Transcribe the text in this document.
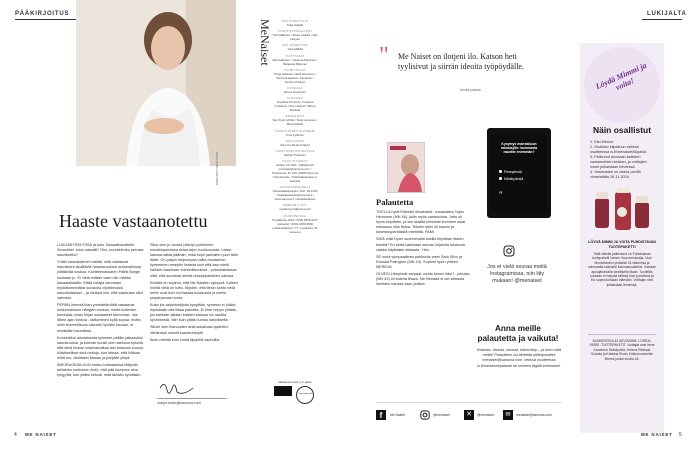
PÄÄKIRJOITUS
KUVA ANNA HUOVINEN
Haaste vastaanotettu

LUKIJAKYSELYSSÄ ja kalu. Banaattosoittelin. Smoothie! Jokin saisatti? Oho, kuuntelenko perusta kasvikselta?

Yritän kaunaistenet miettiä, mitä vastaavat kasvikseni-tisuiltäviä haastavuuksia ruokavaliossa yllättävää koskua. Kuvitteenassaren Patrik Borgin muikaan ju. Ei vielä mitään vaan niin mitään kanaalaistaitto. Ettää ostajia sanotaan myötäisemmäksi suosiolla vilpittömaksi kaurottaikkaan... ja vieläpä niin, että vastausta ollut vahvistu.

PERÄN Itsensä ihan ymmärtämättä vastaavat koskumaiseen hättyjän kanssa, mutta kuitenkin tunnistaa oman kirjan sosiaaliset kerronnat - siis lähen ajan tonkua - taittaminen kyllä sopaa, mutta mieli teoreettisuus oikeasti hyvään kavaan, ei minäkään kaunistaa.

Konsertikoi ainutaisesta kylmeen pelläin jatkaaviksi kasvisruokia, ja tulevan kuusti olen sattunut kysellä, että siinä hiukan vastausvaltaa lain koskaan kuuluu. Käsitteelliset sinä nettoja, kun toteaa, että kiikkaa niiltä mu, olkiilaiset kitaran ja pohjalle yhtyä.

ARKIRUOKAILUUN tuntuu tosiasiasisa lihttyvän sellainen omituinen ilmiö, että pää kuminee aina tyhjyyttä, kun pitäisi keksiä, mitä tänään syötäisiin.

Siksi olen jo vuosia pitänyt puhelimen muistiinpanoissa listaa arjen luottoruuista. Listan kanssa säkiä päähän, mikä sopii parhaiten juuri tälle illalle. On paljon helpompaa valita muutaman kymmenen reseptin listasta kuin että kaa mietti kaikkia maailman mahdollisuuksia - puhumattakaan siitä, että suurikasi seesti-reseptipankkien kanssa.

Kiviltää on sopinut, että Me Naisten syksynä. Kaiken mieltä vielä on tuttu. Kirjoitin, että tiesin kanto vielä mihin ovat kuin korhastaa-tuoksuisia ja mietin ympärysmain tonta.

Kuka jos asiantuntijoita kysytään, syntessi ei pitäisi myöskään olla liikaa painetta. Ei ihan heppo yhtään, jos samaan aikaan kaisten kanssa voi nauttia syömisestä. Niin kuin pitäisi tuntuu kasvikselta.

Silloin olen ihanuuden arkiruokailuasi ajatellen: Varsinaan valmiit kasvisreseptit.

Aioin miettiä ensi vuota täydellä vauhdilla.

marjut.lautio@sanoma.com
4 ME NAISET
MeNaiset	PÄÄTOIMITTAJA
Katja Sääski
TOIMITUSPÄÄLLIKÖT
Tiina Mäkinen / Maria Laukka / Sari Harjula
ART DIRECTOR
Jutta Mäkilä
TUOTTAJAT
Miia Aaltonen / Johanna Maininen / Marjaana Riikonen
TOIMITTAJAT
Tanja Haltsola / Heidi Heinonen / Sanna Kaipainen-Tuunanen / Annina Virtanen
KUVAAJA
Minna Kuparinen
ULKOASU
Josefiina Kinnunen / Kaarina Lindström / Kim Nystedt / Minna Ruokola
GRAAFIKOT
Sari-Tuuli Jyrhilä / Tanja Leinonen / Minna Raiski
TOIMITUKSEN SIHTEERI
Tiina Kyllönen
JULKAISIJA
Sanoma Media Finland
LIIKETOIMINTAJOHTAJA
Mehari Punkinen
YHTEYSTIEDOT
Vaihde: 09 1201 / Sähköposti: menaiset@sanoma.com / Postiosoite: PL 100, 00089 Sanoma / Käyntiosoite: Töölönlahdenkatu 2, Helsinki
ASIAKASPALVELU
Ostoasiakaspalvelu / Puh. 09 1200 / Asiakaspalvelu@sanoma.fi / www.sanoma.fi / asiakaspalvelu
MEDIAMYYNTI
mediamyynti@sanoma.fi
PAINOPAIKKA
PunaMusta 2024 / ISSN 0025-9217 (painettu) / ISSN 2489-6586 (verkkojulkaisu) / 77. vuosikerta, 52 numeroa
Aikakausmedia ry:n jäsen
Ympäristömerkki
LUKIJALTA
" Me Naiset on ilotjeni ilo. Katson heti tyylisivut ja siirrän ideoita työpöydälle.
Annila palaute
Palautetta

TOELLA hyvä Elämäni olisakutsit - maastatelu Tapio Heinonen (MN 46), jollin myös vasteuvista. Juttu oli hyvin kirjoitettu, ja sen sisältä kertoivat kommen asiat miesasun utta tietoa. Tekstin rytmi oli kaunis ja kokemusperäisistä mietteitä. PAMI

SIKÄ voisi hyvin suorimmalla toisilla kirjoittaa riskien tekstiä? En kerta kaikkiaan sanoisi kirjaimia toistuvan, vaikka käytetään sikaasta. Yksi.

SE minä sympaattinen parikunta meni Satu Silvo ja Ruoska Palmgren (MN 44). Sopivat hyvin yhteen. MEREVA

OHJESI Lämpimät varpaat, mutta kenen käsi? - juttuisa (MN 43) oli todella lihava. Me Benaad ei ole sekaisia ihmisten kanssa vaan pulkka.

Kysymys marraskuun rakastajille: kummasta nautitte enemmän?
Pimeydestä
Märkkydestä
"
Jos et vielä seuraa meitä Instagramissa, niin liity mukaan! @menaiset
Anna meille palautetta ja vaikuta!
Rakasta, vihasta, innosta, hämmästy – ja kerro siitä meille! Palautteen voi lähettää sähköpostitse menaiset@sanoma.com, netissä osoitteessa is.fi/menaiset/palaute tai someen tägillä #menaiset.
f	Me Naiset	@menaiset ✕	@menaiset	✉	menaiset@sanoma.com
Löydä Mimmi ja voita!
Näin osallistut
1. Etsi Mimmi.
2. Osallistu kilpailuun netissä osoitteessa is.fi/menaiset/kilpailut.
3. Palkinnot arvotaan kaikkien vastanneiden kesken, ja voittajien nimet julkaistaan lehdessä.
4. Vastausten on oltava perillä viimeistään 26.11.2024.
LÖYDÄ MIMMI JA VOITA PUHDISTAVAN TUOTEPAKETTI
Tällä viikolla palkintona on Puhdistavan tuotepaketti Vahvin Vuorovesimalja. Uusi Monivitamiini yhdistää 18 vitamiinia ja mineraalia sokeaksi kokonaisuudeksi. Ihanaan apuajallomalla oleellisella iltaan. Tuotteilla suoraan on tarjolla kiiltävä ihon puhdistus ja iho sopeuduttuaan elämään. Voittajan nimi julkaistaan lehdessä.
NUMEROSSA 43 ARVOIMME L'ORÉAL PARIS -TUOTEPAKETIT. Voittajat ovat Irene Karminen Seinäjoeltä, Helena Rehkala Outusta ja Kristiina Ruotu Kirkkonummelta. Mimmi juoksi sivulla 18.
5
ME NAISET
